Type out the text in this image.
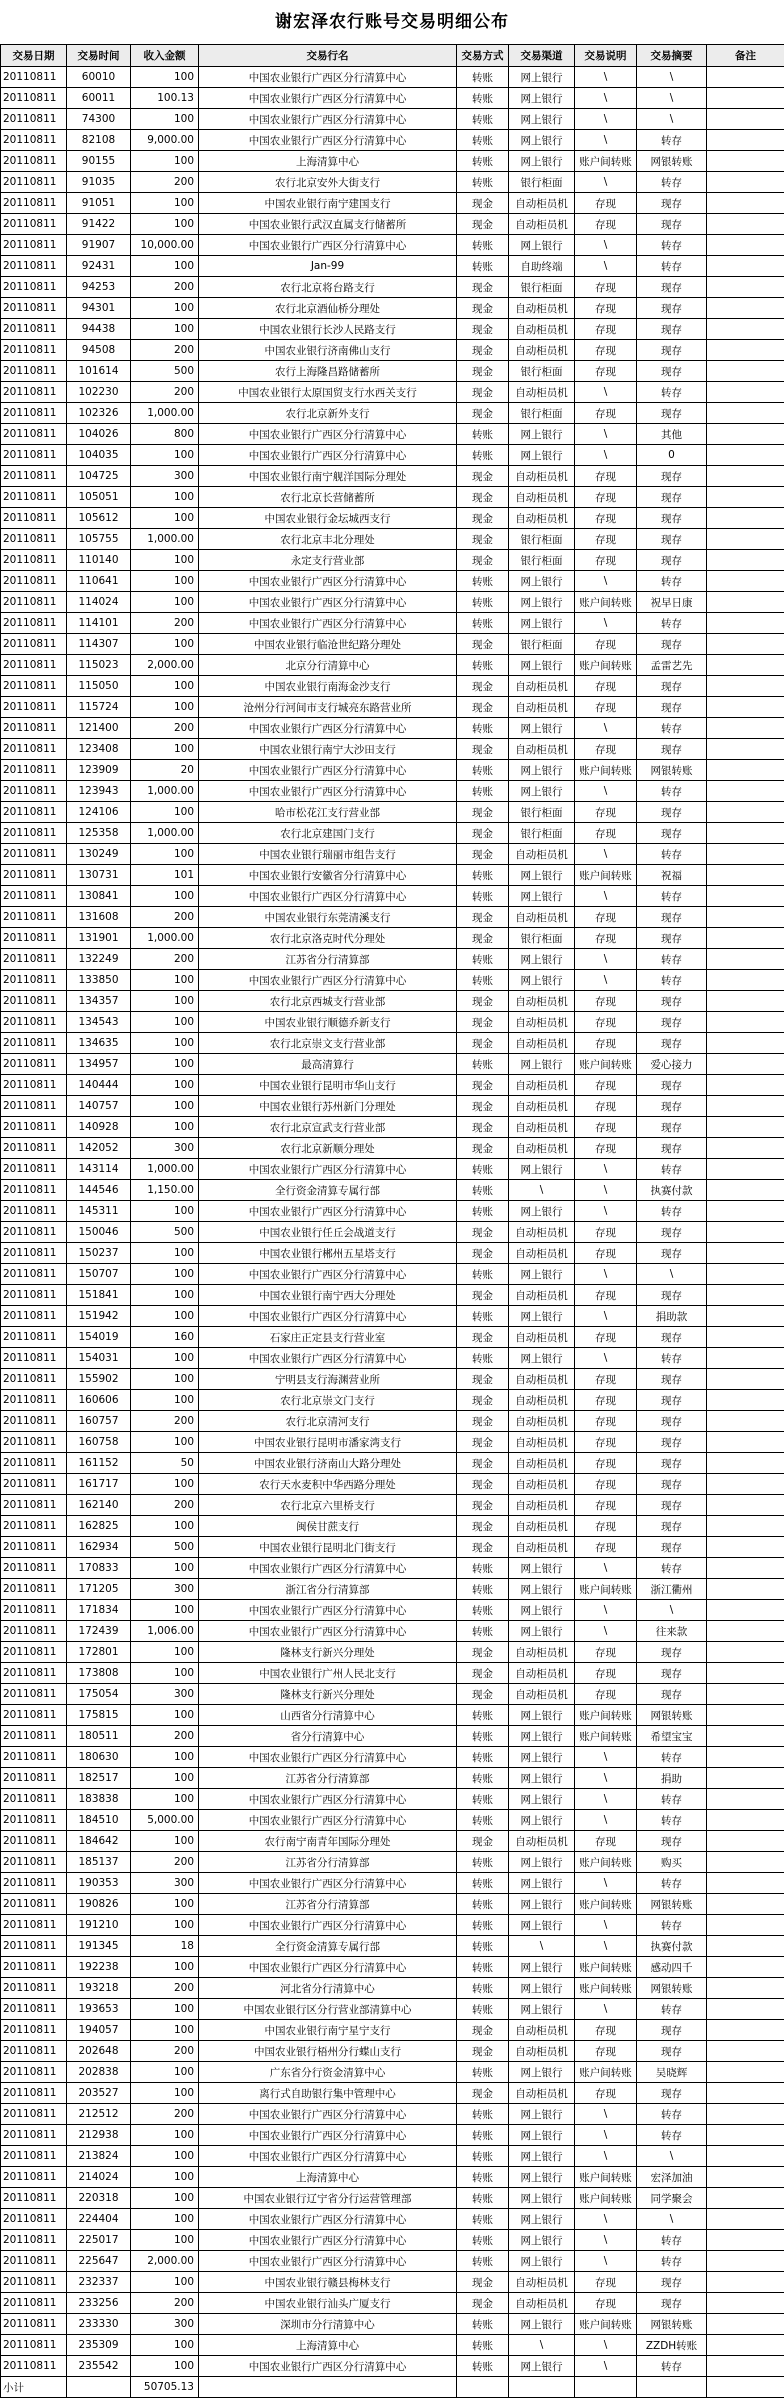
谢宏泽农行账号交易明细公布
交易日期	交易时间	收入金额	交易行名	交易方式	交易渠道	交易说明	交易摘要	备注
20110811	60010	100	中国农业银行广西区分行清算中心	转账	网上银行	\	\	
20110811	60011	100.13	中国农业银行广西区分行清算中心	转账	网上银行	\	\	
20110811	74300	100	中国农业银行广西区分行清算中心	转账	网上银行	\	\	
20110811	82108	9,000.00	中国农业银行广西区分行清算中心	转账	网上银行	\	转存	
20110811	90155	100	上海清算中心	转账	网上银行	账户间转账	网银转账	
20110811	91035	200	农行北京安外大街支行	转账	银行柜面	\	转存	
20110811	91051	100	中国农业银行南宁建国支行	现金	自动柜员机	存现	现存	
20110811	91422	100	中国农业银行武汉直属支行储蓄所	现金	自动柜员机	存现	现存	
20110811	91907	10,000.00	中国农业银行广西区分行清算中心	转账	网上银行	\	转存	
20110811	92431	100	Jan-99	转账	自助终端	\	转存	
20110811	94253	200	农行北京将台路支行	现金	银行柜面	存现	现存	
20110811	94301	100	农行北京酒仙桥分理处	现金	自动柜员机	存现	现存	
20110811	94438	100	中国农业银行长沙人民路支行	现金	自动柜员机	存现	现存	
20110811	94508	200	中国农业银行济南佛山支行	现金	自动柜员机	存现	现存	
20110811	101614	500	农行上海隆昌路储蓄所	现金	银行柜面	存现	现存	
20110811	102230	200	中国农业银行太原国贸支行水西关支行	现金	自动柜员机	\	转存	
20110811	102326	1,000.00	农行北京新外支行	现金	银行柜面	存现	现存	
20110811	104026	800	中国农业银行广西区分行清算中心	转账	网上银行	\	其他	
20110811	104035	100	中国农业银行广西区分行清算中心	转账	网上银行	\	0	
20110811	104725	300	中国农业银行南宁舰洋国际分理处	现金	自动柜员机	存现	现存	
20110811	105051	100	农行北京长营储蓄所	现金	自动柜员机	存现	现存	
20110811	105612	100	中国农业银行金坛城西支行	现金	自动柜员机	存现	现存	
20110811	105755	1,000.00	农行北京丰北分理处	现金	银行柜面	存现	现存	
20110811	110140	100	永定支行营业部	现金	银行柜面	存现	现存	
20110811	110641	100	中国农业银行广西区分行清算中心	转账	网上银行	\	转存	
20110811	114024	100	中国农业银行广西区分行清算中心	转账	网上银行	账户间转账	祝早日康	
20110811	114101	200	中国农业银行广西区分行清算中心	转账	网上银行	\	转存	
20110811	114307	100	中国农业银行临沧世纪路分理处	现金	银行柜面	存现	现存	
20110811	115023	2,000.00	北京分行清算中心	转账	网上银行	账户间转账	孟雷艺先	
20110811	115050	100	中国农业银行南海金沙支行	现金	自动柜员机	存现	现存	
20110811	115724	100	沧州分行河间市支行城亮东路营业所	现金	自动柜员机	存现	现存	
20110811	121400	200	中国农业银行广西区分行清算中心	转账	网上银行	\	转存	
20110811	123408	100	中国农业银行南宁大沙田支行	现金	自动柜员机	存现	现存	
20110811	123909	20	中国农业银行广西区分行清算中心	转账	网上银行	账户间转账	网银转账	
20110811	123943	1,000.00	中国农业银行广西区分行清算中心	转账	网上银行	\	转存	
20110811	124106	100	哈市松花江支行营业部	现金	银行柜面	存现	现存	
20110811	125358	1,000.00	农行北京建国门支行	现金	银行柜面	存现	现存	
20110811	130249	100	中国农业银行瑞丽市组告支行	现金	自动柜员机	\	转存	
20110811	130731	101	中国农业银行安徽省分行清算中心	转账	网上银行	账户间转账	祝福	
20110811	130841	100	中国农业银行广西区分行清算中心	转账	网上银行	\	转存	
20110811	131608	200	中国农业银行东莞清溪支行	现金	自动柜员机	存现	现存	
20110811	131901	1,000.00	农行北京洛克时代分理处	现金	银行柜面	存现	现存	
20110811	132249	200	江苏省分行清算部	转账	网上银行	\	转存	
20110811	133850	100	中国农业银行广西区分行清算中心	转账	网上银行	\	转存	
20110811	134357	100	农行北京西城支行营业部	现金	自动柜员机	存现	现存	
20110811	134543	100	中国农业银行顺德乔新支行	现金	自动柜员机	存现	现存	
20110811	134635	100	农行北京崇文支行营业部	现金	自动柜员机	存现	现存	
20110811	134957	100	最高清算行	转账	网上银行	账户间转账	爱心接力	
20110811	140444	100	中国农业银行昆明市华山支行	现金	自动柜员机	存现	现存	
20110811	140757	100	中国农业银行苏州新门分理处	现金	自动柜员机	存现	现存	
20110811	140928	100	农行北京宣武支行营业部	现金	自动柜员机	存现	现存	
20110811	142052	300	农行北京新顺分理处	现金	自动柜员机	存现	现存	
20110811	143114	1,000.00	中国农业银行广西区分行清算中心	转账	网上银行	\	转存	
20110811	144546	1,150.00	全行资金清算专属行部	转账	\	\	执赛付款	
20110811	145311	100	中国农业银行广西区分行清算中心	转账	网上银行	\	转存	
20110811	150046	500	中国农业银行任丘会战道支行	现金	自动柜员机	存现	现存	
20110811	150237	100	中国农业银行郴州五星塔支行	现金	自动柜员机	存现	现存	
20110811	150707	100	中国农业银行广西区分行清算中心	转账	网上银行	\	\	
20110811	151841	100	中国农业银行南宁西大分理处	现金	自动柜员机	存现	现存	
20110811	151942	100	中国农业银行广西区分行清算中心	转账	网上银行	\	捐助款	
20110811	154019	160	石家庄正定县支行营业室	现金	自动柜员机	存现	现存	
20110811	154031	100	中国农业银行广西区分行清算中心	转账	网上银行	\	转存	
20110811	155902	100	宁明县支行海渊营业所	现金	自动柜员机	存现	现存	
20110811	160606	100	农行北京崇文门支行	现金	自动柜员机	存现	现存	
20110811	160757	200	农行北京清河支行	现金	自动柜员机	存现	现存	
20110811	160758	100	中国农业银行昆明市潘家湾支行	现金	自动柜员机	存现	现存	
20110811	161152	50	中国农业银行济南山大路分理处	现金	自动柜员机	存现	现存	
20110811	161717	100	农行天水麦积中华西路分理处	现金	自动柜员机	存现	现存	
20110811	162140	200	农行北京六里桥支行	现金	自动柜员机	存现	现存	
20110811	162825	100	闽侯甘蔗支行	现金	自动柜员机	存现	现存	
20110811	162934	500	中国农业银行昆明北门街支行	现金	自动柜员机	存现	现存	
20110811	170833	100	中国农业银行广西区分行清算中心	转账	网上银行	\	转存	
20110811	171205	300	浙江省分行清算部	转账	网上银行	账户间转账	浙江衢州	
20110811	171834	100	中国农业银行广西区分行清算中心	转账	网上银行	\	\	
20110811	172439	1,006.00	中国农业银行广西区分行清算中心	转账	网上银行	\	往来款	
20110811	172801	100	隆林支行新兴分理处	现金	自动柜员机	存现	现存	
20110811	173808	100	中国农业银行广州人民北支行	现金	自动柜员机	存现	现存	
20110811	175054	300	隆林支行新兴分理处	现金	自动柜员机	存现	现存	
20110811	175815	100	山西省分行清算中心	转账	网上银行	账户间转账	网银转账	
20110811	180511	200	省分行清算中心	转账	网上银行	账户间转账	希望宝宝	
20110811	180630	100	中国农业银行广西区分行清算中心	转账	网上银行	\	转存	
20110811	182517	100	江苏省分行清算部	转账	网上银行	\	捐助	
20110811	183838	100	中国农业银行广西区分行清算中心	转账	网上银行	\	转存	
20110811	184510	5,000.00	中国农业银行广西区分行清算中心	转账	网上银行	\	转存	
20110811	184642	100	农行南宁南青年国际分理处	现金	自动柜员机	存现	现存	
20110811	185137	200	江苏省分行清算部	转账	网上银行	账户间转账	购买	
20110811	190353	300	中国农业银行广西区分行清算中心	转账	网上银行	\	转存	
20110811	190826	100	江苏省分行清算部	转账	网上银行	账户间转账	网银转账	
20110811	191210	100	中国农业银行广西区分行清算中心	转账	网上银行	\	转存	
20110811	191345	18	全行资金清算专属行部	转账	\	\	执赛付款	
20110811	192238	100	中国农业银行广西区分行清算中心	转账	网上银行	账户间转账	感动四千	
20110811	193218	200	河北省分行清算中心	转账	网上银行	账户间转账	网银转账	
20110811	193653	100	中国农业银行区分行营业部清算中心	转账	网上银行	\	转存	
20110811	194057	100	中国农业银行南宁星宁支行	现金	自动柜员机	存现	现存	
20110811	202648	200	中国农业银行梧州分行蝶山支行	现金	自动柜员机	存现	现存	
20110811	202838	100	广东省分行资金清算中心	转账	网上银行	账户间转账	吴晓辉	
20110811	203527	100	离行式自助银行集中管理中心	现金	自动柜员机	存现	现存	
20110811	212512	200	中国农业银行广西区分行清算中心	转账	网上银行	\	转存	
20110811	212938	100	中国农业银行广西区分行清算中心	转账	网上银行	\	转存	
20110811	213824	100	中国农业银行广西区分行清算中心	转账	网上银行	\	\	
20110811	214024	100	上海清算中心	转账	网上银行	账户间转账	宏泽加油	
20110811	220318	100	中国农业银行辽宁省分行运营管理部	转账	网上银行	账户间转账	同学聚会	
20110811	224404	100	中国农业银行广西区分行清算中心	转账	网上银行	\	\	
20110811	225017	100	中国农业银行广西区分行清算中心	转账	网上银行	\	转存	
20110811	225647	2,000.00	中国农业银行广西区分行清算中心	转账	网上银行	\	转存	
20110811	232337	100	中国农业银行赣县梅林支行	现金	自动柜员机	存现	现存	
20110811	233256	200	中国农业银行汕头广厦支行	现金	自动柜员机	存现	现存	
20110811	233330	300	深圳市分行清算中心	转账	网上银行	账户间转账	网银转账	
20110811	235309	100	上海清算中心	转账	\	\	ZZDH转账	
20110811	235542	100	中国农业银行广西区分行清算中心	转账	网上银行	\	转存	
小计		50705.13						
